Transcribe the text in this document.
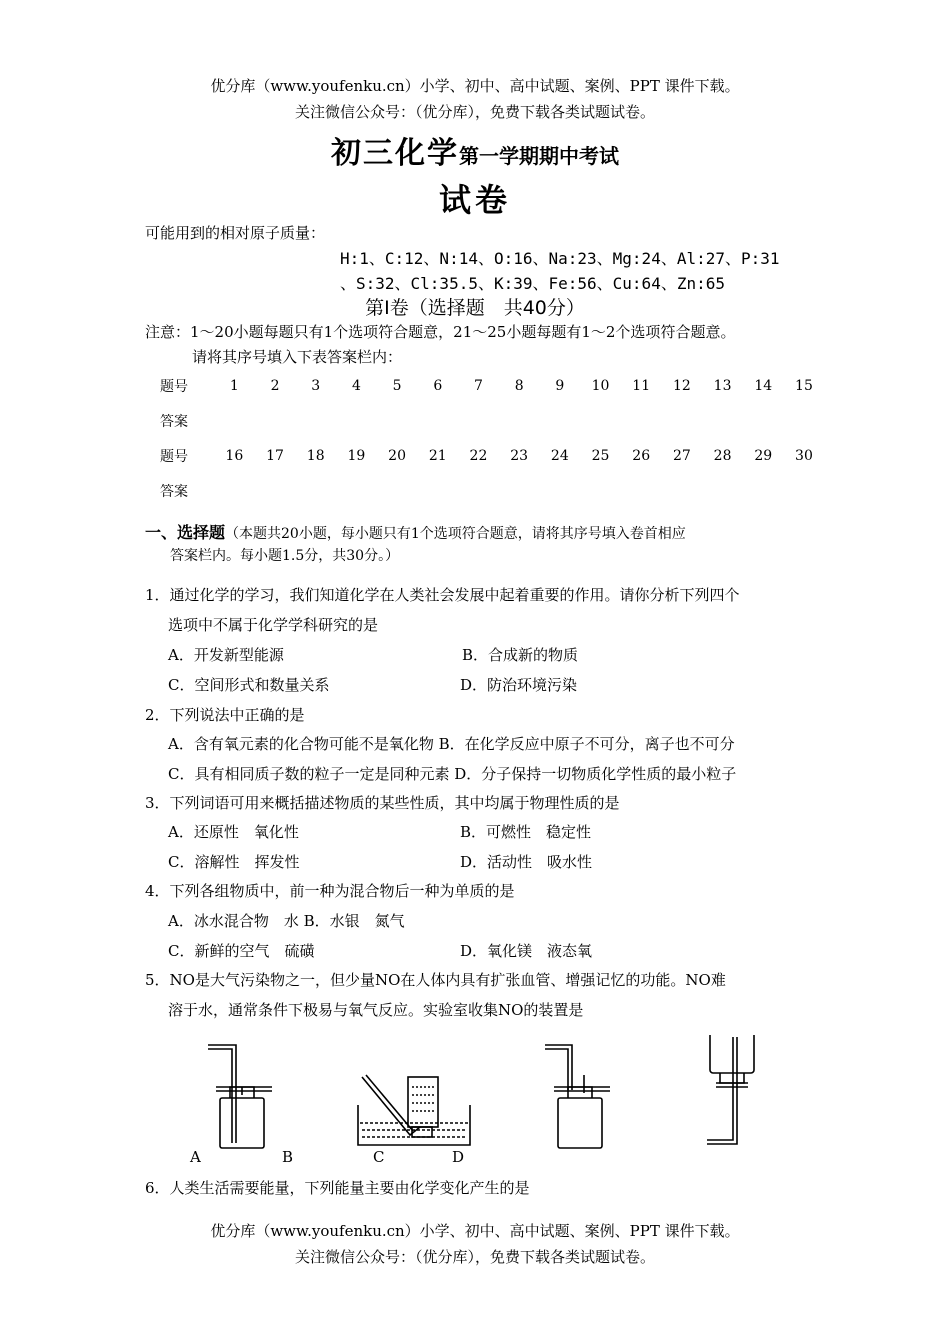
优分库（www.youfenku.cn）小学、初中、高中试题、案例、PPT 课件下载。
关注微信公众号：（优分库），免费下载各类试题试卷。
初三化学第一学期期中考试
试卷
可能用到的相对原子质量：
H:1、C:12、N:14、O:16、Na:23、Mg:24、Al:27、P:31
、S:32、Cl:35.5、K:39、Fe:56、Cu:64、Zn:65
第Ⅰ卷（选择题　共40分）
注意：1～20小题每题只有1个选项符合题意，21～25小题每题有1～2个选项符合题意。
请将其序号填入下表答案栏内：
题号	1	2	3	4	5	6	7	8	9	10	11	12	13	14	15
答案															
题号	16	17	18	19	20	21	22	23	24	25	26	27	28	29	30
答案															
一、选择题（本题共20小题，每小题只有1个选项符合题意，请将其序号填入卷首相应
答案栏内。每小题1.5分，共30分。）
1．通过化学的学习，我们知道化学在人类社会发展中起着重要的作用。请你分析下列四个
选项中不属于化学学科研究的是
A．开发新型能源	B．合成新的物质
C．空间形式和数量关系	D．防治环境污染
2．下列说法中正确的是
A．含有氧元素的化合物可能不是氧化物 B．在化学反应中原子不可分，离子也不可分
C．具有相同质子数的粒子一定是同种元素 D．分子保持一切物质化学性质的最小粒子
3．下列词语可用来概括描述物质的某些性质，其中均属于物理性质的是
A．还原性　氧化性	B．可燃性　稳定性
C．溶解性　挥发性	D．活动性　吸水性
4．下列各组物质中，前一种为混合物后一种为单质的是
A．冰水混合物　水 B．水银　氮气
C．新鲜的空气　硫磺	D．氧化镁　液态氧
5．NO是大气污染物之一，但少量NO在人体内具有扩张血管、增强记忆的功能。NO难
溶于水，通常条件下极易与氧气反应。实验室收集NO的装置是
A	B	C	D
6．人类生活需要能量，下列能量主要由化学变化产生的是
优分库（www.youfenku.cn）小学、初中、高中试题、案例、PPT 课件下载。
关注微信公众号：（优分库），免费下载各类试题试卷。
